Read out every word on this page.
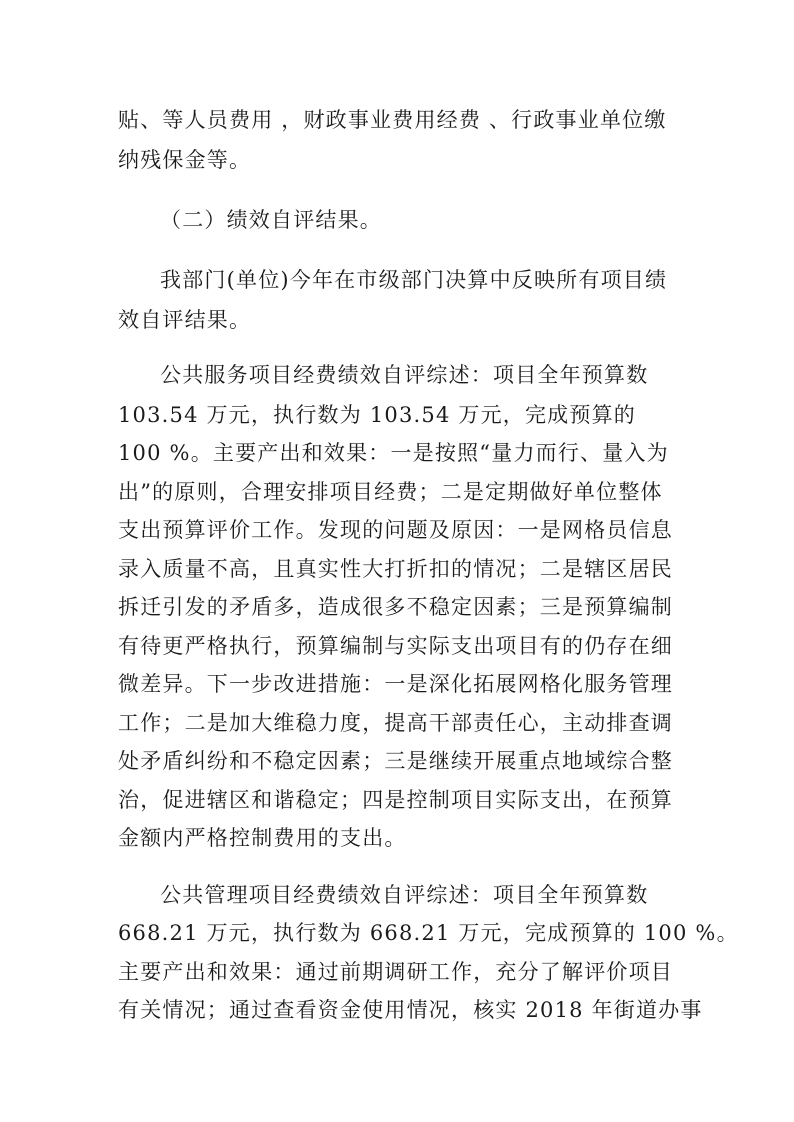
贴、等人员费用 ，财政事业费用经费 、行政事业单位缴
纳残保金等。
（二）绩效自评结果。
我部门(单位)今年在市级部门决算中反映所有项目绩
效自评结果。
公共服务项目经费绩效自评综述：项目全年预算数
103.54 万元，执行数为 103.54 万元，完成预算的
100 %。主要产出和效果：一是按照“量力而行、量入为
出”的原则，合理安排项目经费；二是定期做好单位整体
支出预算评价工作。发现的问题及原因：一是网格员信息
录入质量不高，且真实性大打折扣的情况；二是辖区居民
拆迁引发的矛盾多，造成很多不稳定因素；三是预算编制
有待更严格执行，预算编制与实际支出项目有的仍存在细
微差异。下一步改进措施：一是深化拓展网格化服务管理
工作；二是加大维稳力度，提高干部责任心，主动排查调
处矛盾纠纷和不稳定因素；三是继续开展重点地域综合整
治，促进辖区和谐稳定；四是控制项目实际支出，在预算
金额内严格控制费用的支出。
公共管理项目经费绩效自评综述：项目全年预算数
668.21 万元，执行数为 668.21 万元，完成预算的 100 %。
主要产出和效果：通过前期调研工作，充分了解评价项目
有关情况；通过查看资金使用情况，核实 2018 年街道办事
